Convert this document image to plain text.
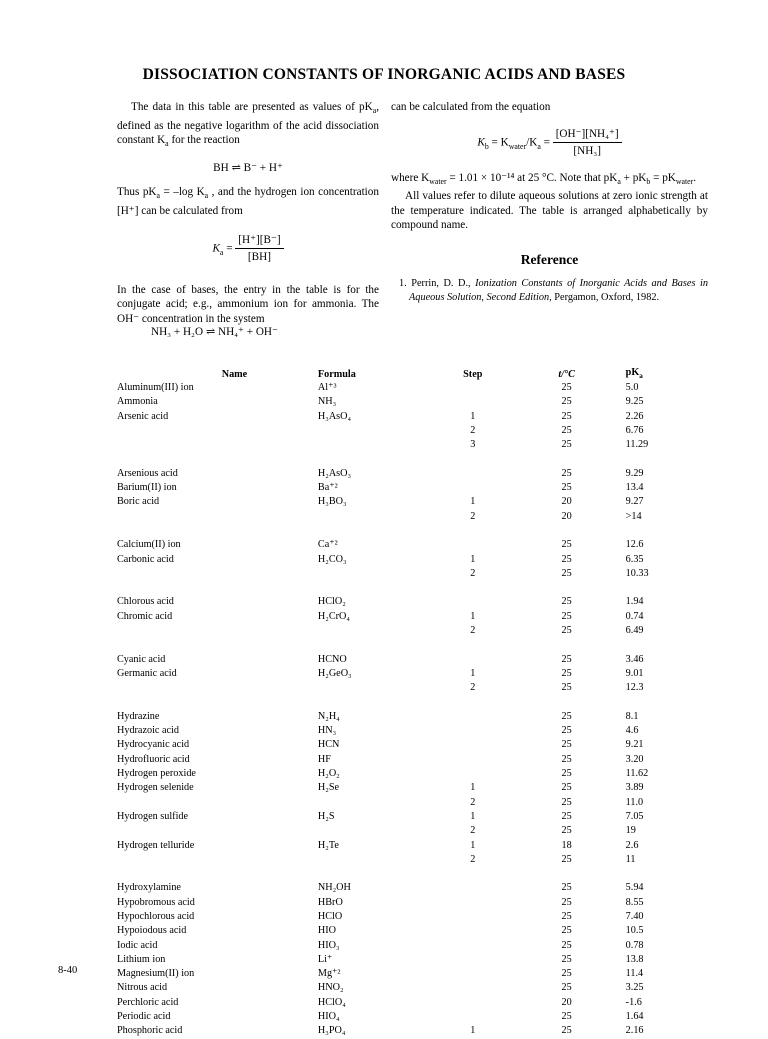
DISSOCIATION CONSTANTS OF INORGANIC ACIDS AND BASES

The data in this table are presented as values of $pK_a$, defined as the negative logarithm of the acid dissociation constant $K_a$ for the reaction

BH ⇌ B⁻ + H⁺

Thus $pK_a = -\log$ $K_a$ , and the hydrogen ion concentration [H⁺] can be calculated from

$K_a = \frac{[H^+][B^-]}{[BH]}$

In the case of bases, the entry in the table is for the conjugate acid; e.g., ammonium ion for ammonia. The OH⁻ concentration in the system

NH₃ + H₂O ⇌ NH₄⁺ + OH⁻

can be calculated from the equation

$K_b = K_{water}/K_a = \frac{\text{[OH⁻][NH₄⁺]}}{\text{[NH₃]}}$

where $K_{water} = 1.01 \times 10^{-14}$ at 25 °C. Note that $pK_a + pK_b = pK_{water}$.

All values refer to dilute aqueous solutions at zero ionic strength at the temperature indicated. The table is arranged alphabetically by compound name.

Reference

1. Perrin, D. D., Ionization Constants of Inorganic Acids and Bases in Aqueous Solution, Second Edition, Pergamon, Oxford, 1982.

Name	Formula	Step	t/°C	$pK_a$
Aluminum(III) ion	Al⁺³		25	5.0
Ammonia	NH₃		25	9.25
Arsenic acid	H₃AsO₄	1	25	2.26
		2	25	6.76
		3	25	11.29

Arsenious acid	H₂AsO₃		25	9.29
Barium(II) ion	Ba⁺²		25	13.4
Boric acid	H₃BO₃	1	20	9.27
		2	20	>14

Calcium(II) ion	Ca⁺²		25	12.6
Carbonic acid	H₂CO₃	1	25	6.35
		2	25	10.33

Chlorous acid	HClO₂		25	1.94
Chromic acid	H₂CrO₄	1	25	0.74
		2	25	6.49

Cyanic acid	HCNO		25	3.46
Germanic acid	H₂GeO₃	1	25	9.01
		2	25	12.3

Hydrazine	N₂H₄		25	8.1
Hydrazoic acid	HN₃		25	4.6
Hydrocyanic acid	HCN		25	9.21
Hydrofluoric acid	HF		25	3.20
Hydrogen peroxide	H₂O₂		25	11.62
Hydrogen selenide	H₂Se	1	25	3.89
		2	25	11.0
Hydrogen sulfide	H₂S	1	25	7.05
		2	25	19
Hydrogen telluride	H₂Te	1	18	2.6
		2	25	11

Hydroxylamine	NH₂OH		25	5.94
Hypobromous acid	HBrO		25	8.55
Hypochlorous acid	HClO		25	7.40
Hypoiodous acid	HIO		25	10.5
Iodic acid	HIO₃		25	0.78
Lithium ion	Li⁺		25	13.8
Magnesium(II) ion	Mg⁺²		25	11.4
Nitrous acid	HNO₂		25	3.25
Perchloric acid	HClO₄		20	-1.6
Periodic acid	HIO₄		25	1.64
Phosphoric acid	H₃PO₄	1	25	2.16
8-40
